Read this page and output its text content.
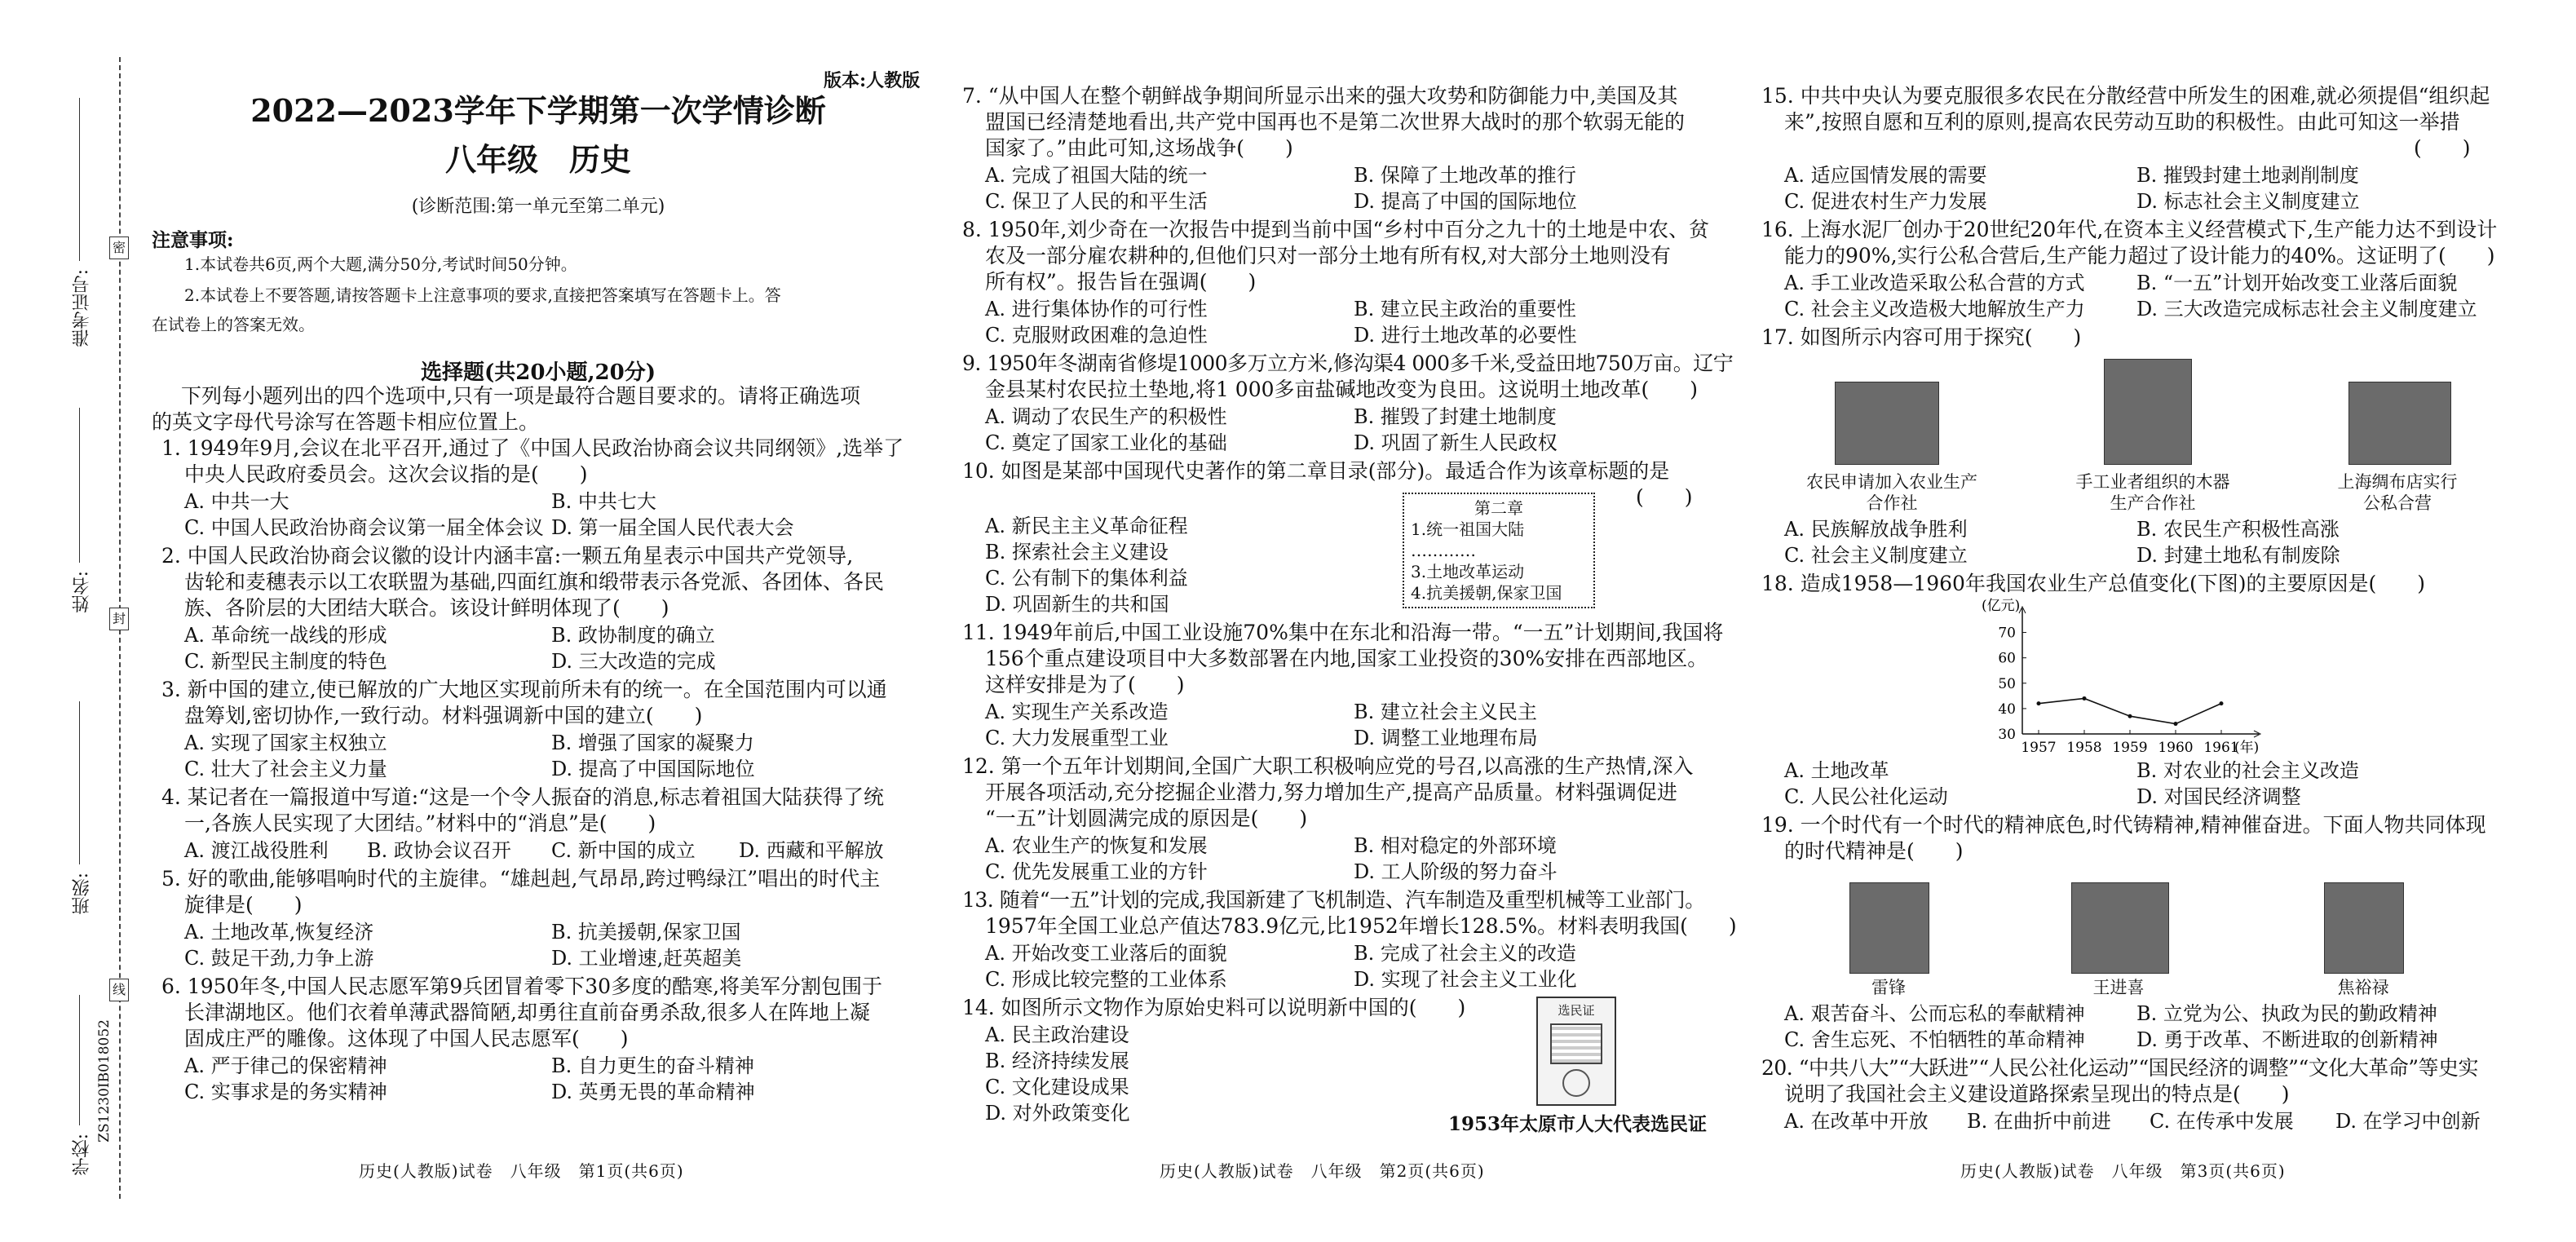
密
封
线
准考证号:
姓名:
班级:
学校:
ZS1230IB018052
版本:人教版
2022—2023学年下学期第一次学情诊断
八年级　历史
(诊断范围:第一单元至第二单元)
注意事项:
1.本试卷共6页,两个大题,满分50分,考试时间50分钟。
2.本试卷上不要答题,请按答题卡上注意事项的要求,直接把答案填写在答题卡上。答
在试卷上的答案无效。
选择题(共20小题,20分)
下列每小题列出的四个选项中,只有一项是最符合题目要求的。请将正确选项
的英文字母代号涂写在答题卡相应位置上。
1. 1949年9月,会议在北平召开,通过了《中国人民政治协商会议共同纲领》,选举了
中央人民政府委员会。这次会议指的是(　　)
A. 中共一大	B. 中共七大
C. 中国人民政治协商会议第一届全体会议 D. 第一届全国人民代表大会
2. 中国人民政治协商会议徽的设计内涵丰富:一颗五角星表示中国共产党领导,
齿轮和麦穗表示以工农联盟为基础,四面红旗和缎带表示各党派、各团体、各民
族、各阶层的大团结大联合。该设计鲜明体现了(　　)
A. 革命统一战线的形成	B. 政协制度的确立
C. 新型民主制度的特色	D. 三大改造的完成
3. 新中国的建立,使已解放的广大地区实现前所未有的统一。在全国范围内可以通
盘筹划,密切协作,一致行动。材料强调新中国的建立(　　)
A. 实现了国家主权独立	B. 增强了国家的凝聚力
C. 壮大了社会主义力量	D. 提高了中国国际地位
4. 某记者在一篇报道中写道:“这是一个令人振奋的消息,标志着祖国大陆获得了统
一,各族人民实现了大团结。”材料中的“消息”是(　　)
A. 渡江战役胜利 B. 政协会议召开 C. 新中国的成立 D. 西藏和平解放
5. 好的歌曲,能够唱响时代的主旋律。“雄赳赳,气昂昂,跨过鸭绿江”唱出的时代主
旋律是(　　)
A. 土地改革,恢复经济	B. 抗美援朝,保家卫国
C. 鼓足干劲,力争上游	D. 工业增速,赶英超美
6. 1950年冬,中国人民志愿军第9兵团冒着零下30多度的酷寒,将美军分割包围于
长津湖地区。他们衣着单薄武器简陋,却勇往直前奋勇杀敌,很多人在阵地上凝
固成庄严的雕像。这体现了中国人民志愿军(　　)
A. 严于律己的保密精神	B. 自力更生的奋斗精神
C. 实事求是的务实精神	D. 英勇无畏的革命精神
历史(人教版)试卷　八年级　第1页(共6页)
7. “从中国人在整个朝鲜战争期间所显示出来的强大攻势和防御能力中,美国及其
盟国已经清楚地看出,共产党中国再也不是第二次世界大战时的那个软弱无能的
国家了。”由此可知,这场战争(　　)
A. 完成了祖国大陆的统一	B. 保障了土地改革的推行
C. 保卫了人民的和平生活	D. 提高了中国的国际地位
8. 1950年,刘少奇在一次报告中提到当前中国“乡村中百分之九十的土地是中农、贫
农及一部分雇农耕种的,但他们只对一部分土地有所有权,对大部分土地则没有
所有权”。报告旨在强调(　　)
A. 进行集体协作的可行性	B. 建立民主政治的重要性
C. 克服财政困难的急迫性	D. 进行土地改革的必要性
9. 1950年冬湖南省修堤1000多万立方米,修沟渠4 000多千米,受益田地750万亩。辽宁
金县某村农民拉土垫地,将1 000多亩盐碱地改变为良田。这说明土地改革(　　)
A. 调动了农民生产的积极性	B. 摧毁了封建土地制度
C. 奠定了国家工业化的基础	D. 巩固了新生人民政权
10. 如图是某部中国现代史著作的第二章目录(部分)。最适合作为该章标题的是
(　　)
A. 新民主主义革命征程
B. 探索社会主义建设
C. 公有制下的集体利益
D. 巩固新生的共和国
第二章
1.统一祖国大陆
…………
3.土地改革运动
4.抗美援朝,保家卫国
11. 1949年前后,中国工业设施70%集中在东北和沿海一带。“一五”计划期间,我国将
156个重点建设项目中大多数部署在内地,国家工业投资的30%安排在西部地区。
这样安排是为了(　　)
A. 实现生产关系改造	B. 建立社会主义民主
C. 大力发展重型工业	D. 调整工业地理布局
12. 第一个五年计划期间,全国广大职工积极响应党的号召,以高涨的生产热情,深入
开展各项活动,充分挖掘企业潜力,努力增加生产,提高产品质量。材料强调促进
“一五”计划圆满完成的原因是(　　)
A. 农业生产的恢复和发展	B. 相对稳定的外部环境
C. 优先发展重工业的方针	D. 工人阶级的努力奋斗
13. 随着“一五”计划的完成,我国新建了飞机制造、汽车制造及重型机械等工业部门。
1957年全国工业总产值达783.9亿元,比1952年增长128.5%。材料表明我国(　　)
A. 开始改变工业落后的面貌	B. 完成了社会主义的改造
C. 形成比较完整的工业体系	D. 实现了社会主义工业化
14. 如图所示文物作为原始史料可以说明新中国的(　　)
A. 民主政治建设
B. 经济持续发展
C. 文化建设成果
D. 对外政策变化
选民证
1953年太原市人大代表选民证
历史(人教版)试卷　八年级　第2页(共6页)
15. 中共中央认为要克服很多农民在分散经营中所发生的困难,就必须提倡“组织起
来”,按照自愿和互利的原则,提高农民劳动互助的积极性。由此可知这一举措
(　　)
A. 适应国情发展的需要	B. 摧毁封建土地剥削制度
C. 促进农村生产力发展	D. 标志社会主义制度建立
16. 上海水泥厂创办于20世纪20年代,在资本主义经营模式下,生产能力达不到设计
能力的90%,实行公私合营后,生产能力超过了设计能力的40%。这证明了(　　)
A. 手工业改造采取公私合营的方式	B. “一五”计划开始改变工业落后面貌
C. 社会主义改造极大地解放生产力	D. 三大改造完成标志社会主义制度建立
17. 如图所示内容可用于探究(　　)
农民申请加入农业生产
合作社
手工业者组织的木器
生产合作社
上海绸布店实行
公私合营
A. 民族解放战争胜利	B. 农民生产积极性高涨
C. 社会主义制度建立	D. 封建土地私有制废除
18. 造成1958—1960年我国农业生产总值变化(下图)的主要原因是(　　)
30
40
50
60
70
1957 1958 1959 1960 1961
(亿元)
(年)
A. 土地改革	B. 对农业的社会主义改造
C. 人民公社化运动	D. 对国民经济调整
19. 一个时代有一个时代的精神底色,时代铸精神,精神催奋进。下面人物共同体现
的时代精神是(　　)
雷锋	王进喜	焦裕禄
A. 艰苦奋斗、公而忘私的奉献精神	B. 立党为公、执政为民的勤政精神
C. 舍生忘死、不怕牺牲的革命精神	D. 勇于改革、不断进取的创新精神
20. “中共八大”“大跃进”“人民公社化运动”“国民经济的调整”“文化大革命”等史实
说明了我国社会主义建设道路探索呈现出的特点是(　　)
A. 在改革中开放 B. 在曲折中前进 C. 在传承中发展 D. 在学习中创新
历史(人教版)试卷　八年级　第3页(共6页)
